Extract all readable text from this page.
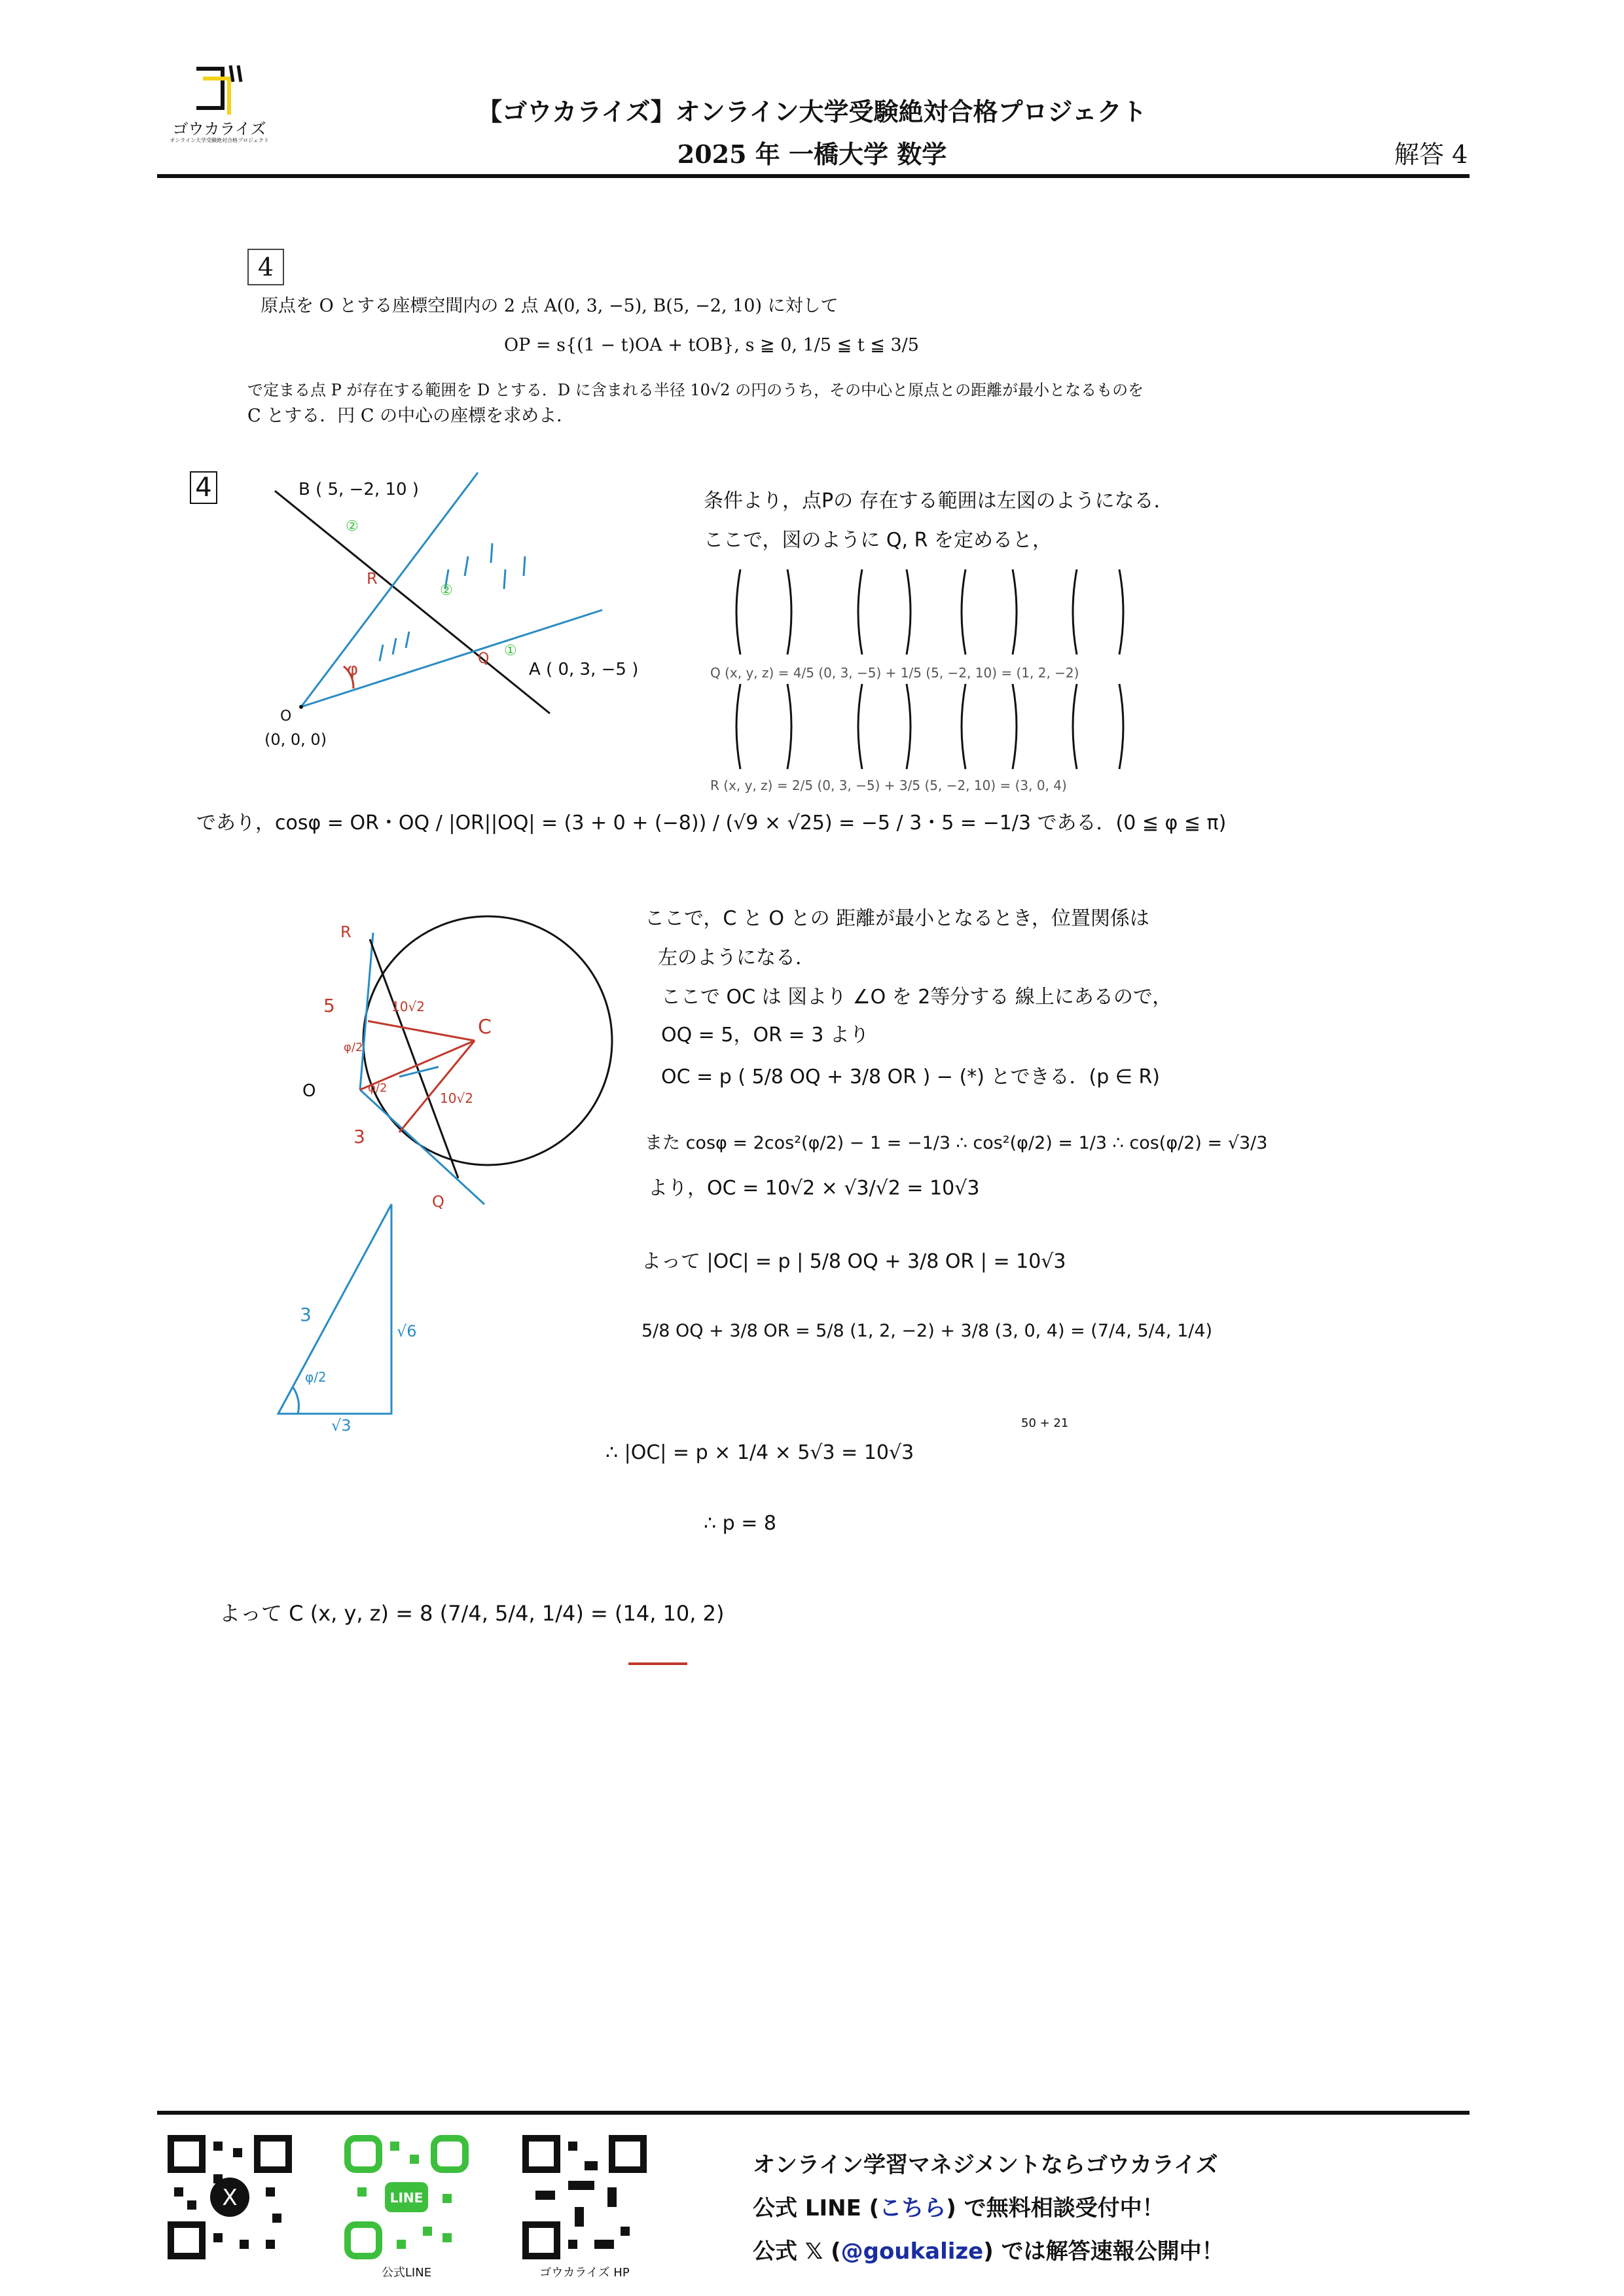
ゴウカライズ
オンライン大学受験絶対合格プロジェクト
【ゴウカライズ】オンライン大学受験絶対合格プロジェクト
2025 年 一橋大学 数学	解答 4
4
原点を O とする座標空間内の 2 点 A(0, 3, −5), B(5, −2, 10) に対して
OP = s{(1 − t)OA + tOB}, s ≧ 0, 1/5 ≦ t ≦ 3/5
で定まる点 P が存在する範囲を D とする．D に含まれる半径 10√2 の円のうち，その中心と原点との距離が最小となるものを
C とする．円 C の中心の座標を求めよ．
4	B ( 5, −2, 10 )
A ( 0, 3, −5 )
O
(0, 0, 0)
R
Q
φ
②
②
①
条件より，点Pの 存在する範囲は左図のようになる．
ここで，図のように Q, R を定めると，
Q (x, y, z) = 4/5 (0, 3, −5) + 1/5 (5, −2, 10) = (1, 2, −2)
R (x, y, z) = 2/5 (0, 3, −5) + 3/5 (5, −2, 10) = (3, 0, 4)
であり，cosφ = OR・OQ / |OR||OQ| = (3 + 0 + (−8)) / (√9 × √25) = −5 / 3・5 = −1/3 である．(0 ≦ φ ≦ π)
R
Q
C
O
5
3
10√2
10√2
φ/2
φ/2
ここで，C と O との 距離が最小となるとき，位置関係は
左のようになる．
ここで OC は 図より ∠O を 2等分する 線上にあるので，
OQ = 5，OR = 3 より
OC = p ( 5/8 OQ + 3/8 OR ) − (*) とできる．(p ∈ R)
また cosφ = 2cos²(φ/2) − 1 = −1/3 ∴ cos²(φ/2) = 1/3 ∴ cos(φ/2) = √3/3
より，OC = 10√2 × √3/√2 = 10√3
よって |OC| = p | 5/8 OQ + 3/8 OR | = 10√3
5/8 OQ + 3/8 OR = 5/8 (1, 2, −2) + 3/8 (3, 0, 4) = (7/4, 5/4, 1/4)
∴ |OC| = p × 1/4 × 5√3 = 10√3
50 + 21
∴ p = 8
3
√6
√3
φ/2
よって C (x, y, z) = 8 (7/4, 5/4, 1/4) = (14, 10, 2)
X	LINE
公式LINE	ゴウカライズ HP
オンライン学習マネジメントならゴウカライズ
公式 LINE (こちら) で無料相談受付中！
公式 𝕏 (@goukalize) では解答速報公開中！
